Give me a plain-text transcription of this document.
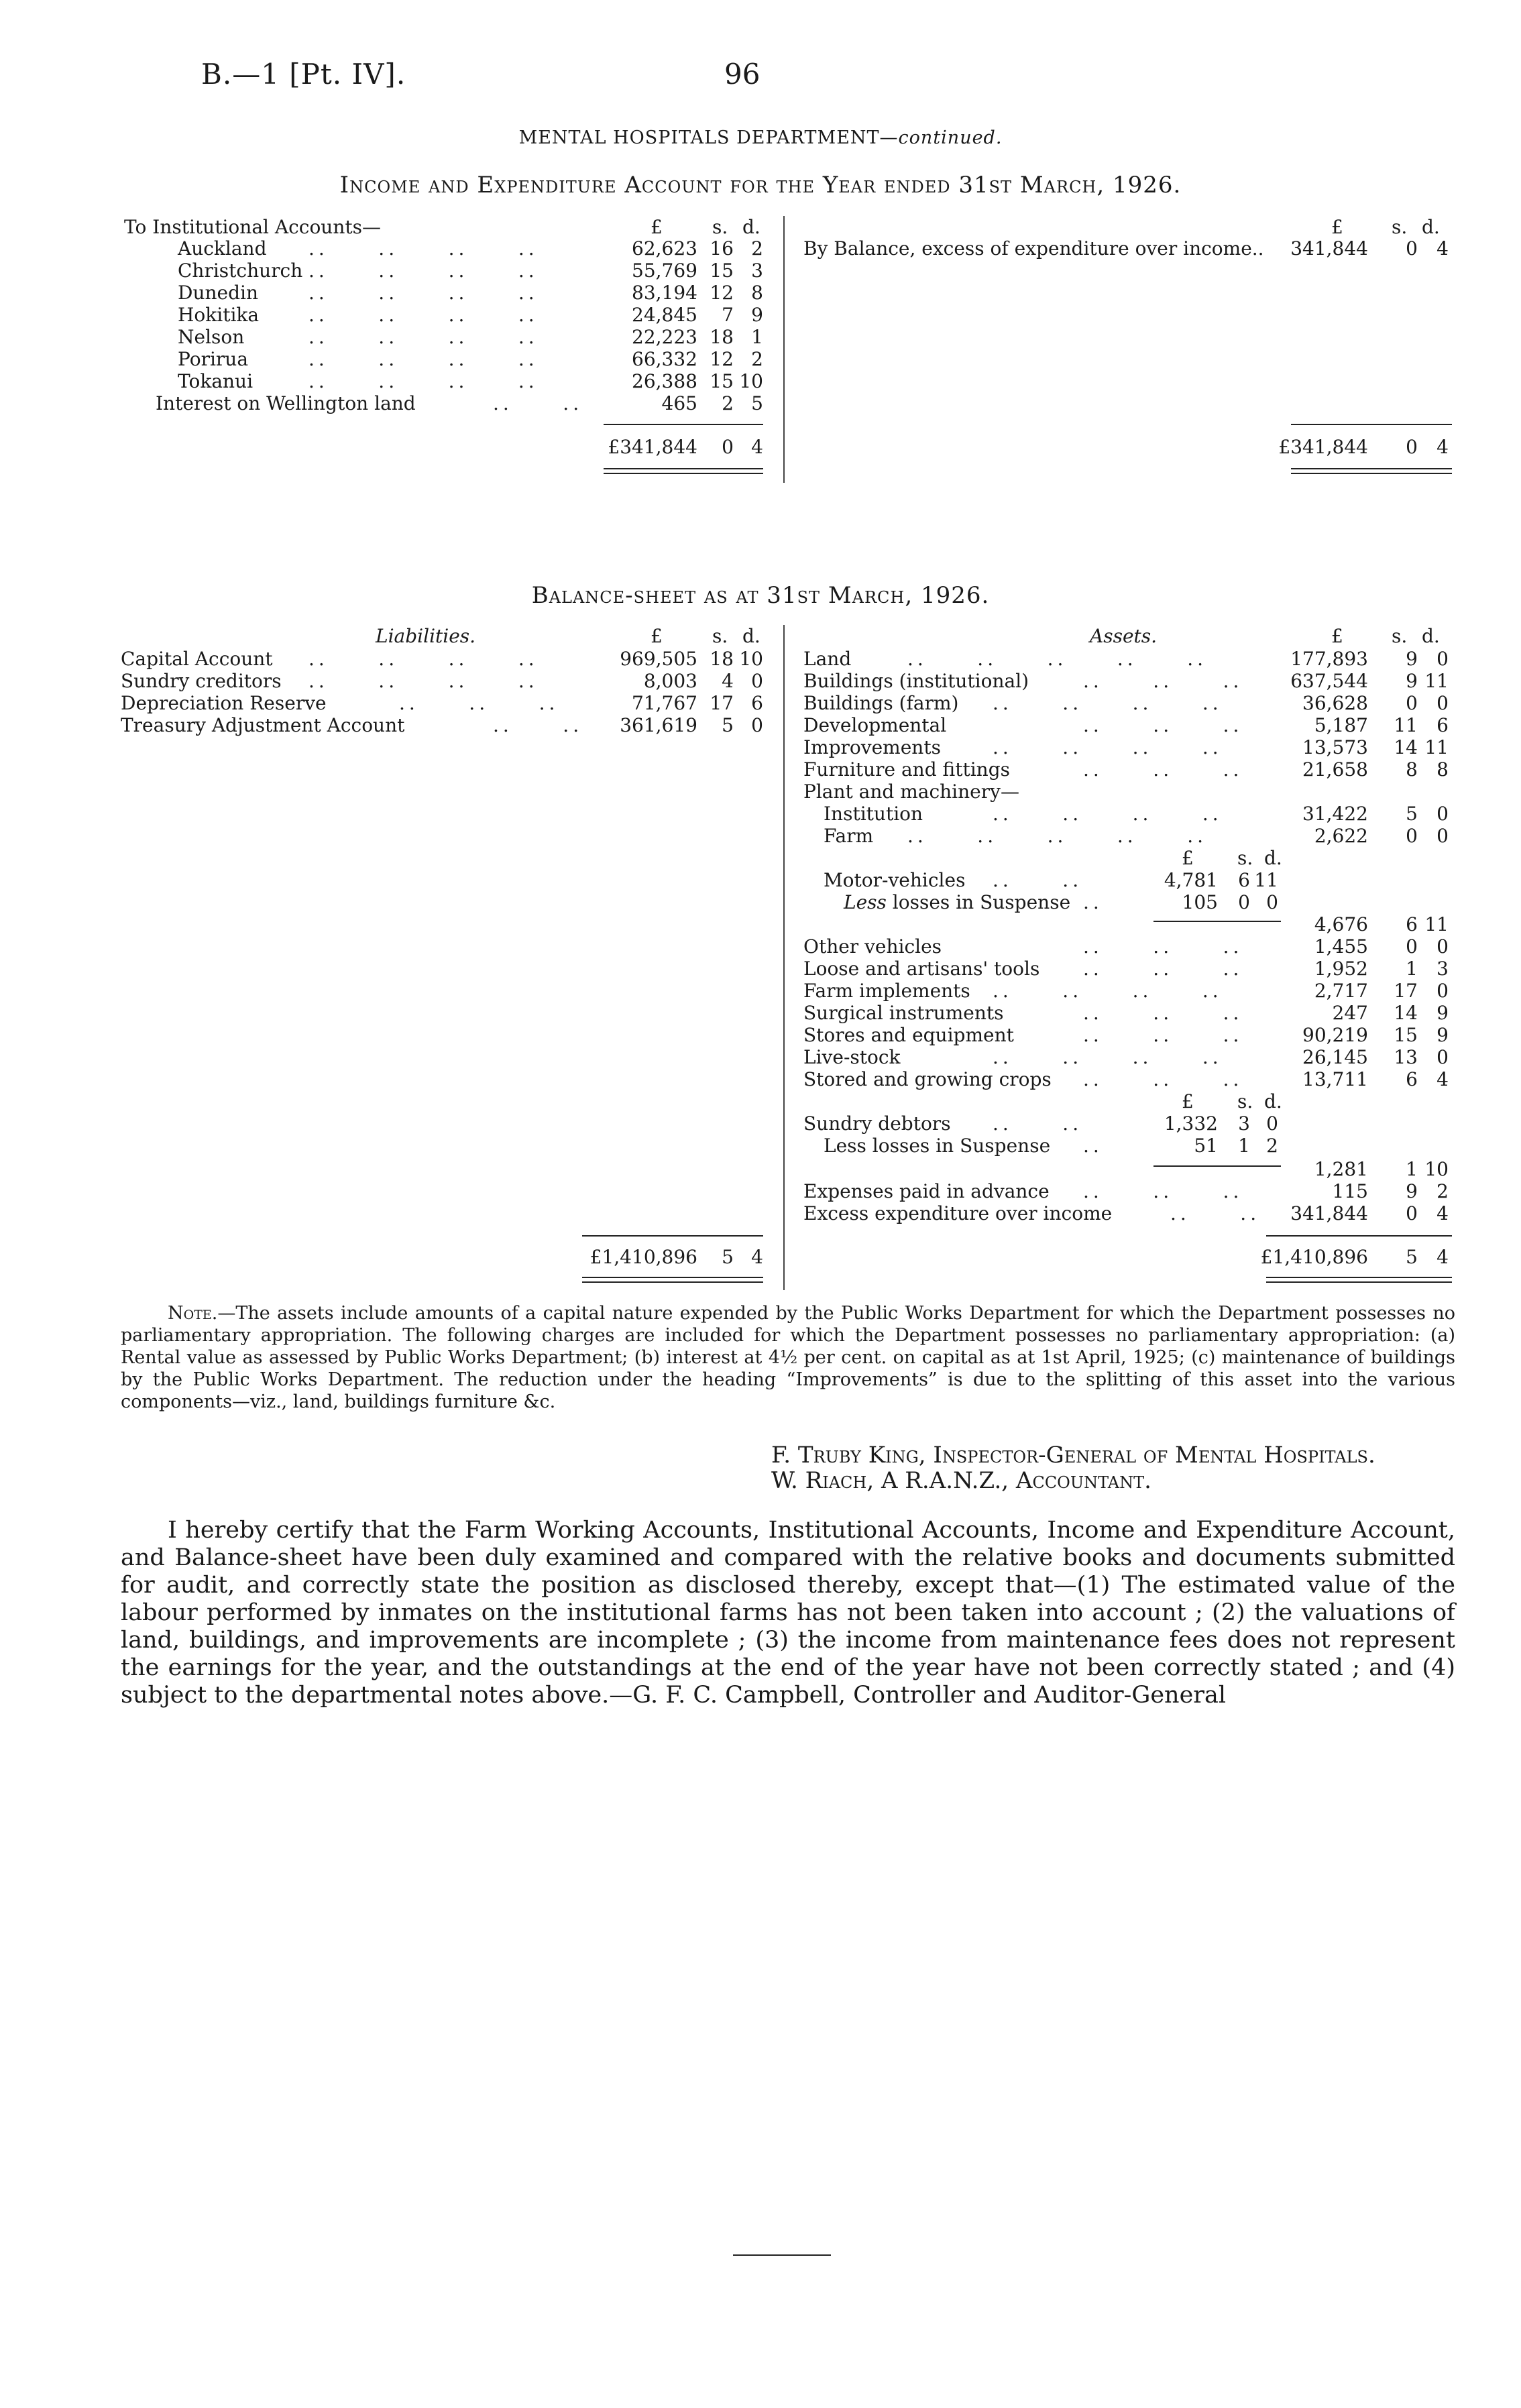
B.—1 [Pt. IV].	96
MENTAL HOSPITALS DEPARTMENT—continued.
Income and Expenditure Account for the Year ended 31st March, 1926.
To Institutional Accounts—	£	s. d.
Auckland ..     ..     ..     ..	62,623 16 2
Christchurch ..     ..     ..     ..	55,769 15 3
Dunedin	..     ..     ..     ..	83,194 12 8
Hokitika	..     ..     ..     ..	24,845	7 9
Nelson	..     ..     ..     ..	22,223 18 1
Porirua	..     ..     ..     ..	66,332 12 2
Tokanui	..     ..     ..     ..	26,388 15 10
Interest on Wellington land	..     ..	465	2 5
£341,844	0 4
£	s. d.
By Balance, excess of expenditure over income..	341,844	0	4
£341,844	0	4
Balance-sheet as at 31st March, 1926.
Liabilities.	£	s. d.
Capital Account ..     ..     ..     ..	969,505 18 10
Sundry creditors ..     ..     ..     ..	8,003	4 0
Depreciation Reserve	..     ..     ..	71,767 17 6
Treasury Adjustment Account	..     ..	361,619	5 0
£1,410,896	5 4
Assets.	£	s. d.
Land	..     ..     ..     ..     ..	177,893	9	0
Buildings (institutional)	..     ..     ..	637,544	9 11
Buildings (farm) ..     ..     ..     ..	36,628	0	0
Developmental	..     ..     ..	5,187	11	6
Improvements	..     ..     ..     ..	13,573	14 11
Furniture and fittings	..     ..     ..	21,658	8	8
Plant and machinery—
Institution	..     ..     ..     ..	31,422	5	0
Farm ..     ..     ..     ..     ..	2,622	0	0
£ s. d.
Motor-vehicles ..     ..	4,781	6 11
Less losses in Suspense ..	105	0 0
4,676	6 11
Other vehicles	..     ..     ..	1,455	0	0
Loose and artisans' tools ..     ..     ..	1,952	1	3
Farm implements ..     ..     ..     ..	2,717	17	0
Surgical instruments	..     ..     ..	247	14	9
Stores and equipment	..     ..     ..	90,219	15	9
Live-stock	..     ..     ..     ..	26,145	13	0
Stored and growing crops ..     ..     ..	13,711	6	4
£ s. d.
Sundry debtors ..     ..	1,332	3 0
Less losses in Suspense ..	51	1 2
1,281	1 10
Expenses paid in advance ..     ..     ..	115	9	2
Excess expenditure over income	..     ..	341,844	0	4
£1,410,896	5	4
Note.—The assets include amounts of a capital nature expended by the Public Works Department for which the Department possesses no parliamentary appropriation. The following charges are included for which the Department possesses no parliamentary appropriation: (a) Rental value as assessed by Public Works Department; (b) interest at 4½ per cent. on capital as at 1st April, 1925; (c) maintenance of buildings by the Public Works Department. The reduction under the heading “Improvements” is due to the splitting of this asset into the various components—viz., land, buildings furniture &c.
F. Truby King, Inspector-General of Mental Hospitals.
W. Riach, A R.A.N.Z., Accountant.
I hereby certify that the Farm Working Accounts, Institutional Accounts, Income and Expenditure Account, and Balance-sheet have been duly examined and compared with the relative books and documents submitted for audit, and correctly state the position as disclosed thereby, except that—(1) The estimated value of the labour performed by inmates on the institutional farms has not been taken into account ; (2) the valuations of land, buildings, and improvements are incomplete ; (3) the income from maintenance fees does not represent the earnings for the year, and the outstandings at the end of the year have not been correctly stated ; and (4) subject to the departmental notes above.—G. F. C. Campbell, Controller and Auditor-General
